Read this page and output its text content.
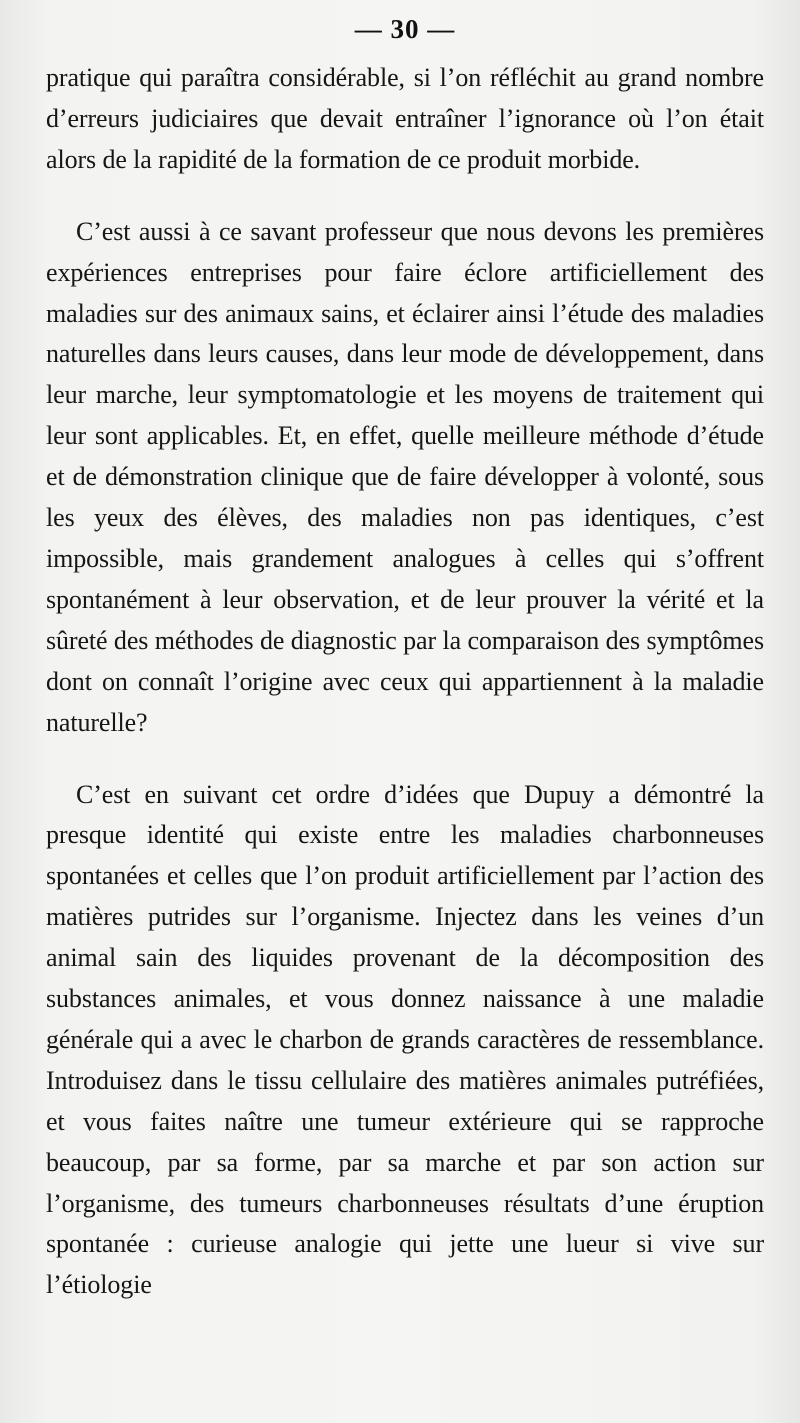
— 30 —

pratique qui paraîtra considérable, si l’on réfléchit au grand nombre d’erreurs judiciaires que devait entraîner l’ignorance où l’on était alors de la rapidité de la formation de ce produit morbide.

C’est aussi à ce savant professeur que nous devons les premières expériences entreprises pour faire éclore artificiellement des maladies sur des animaux sains, et éclairer ainsi l’étude des maladies naturelles dans leurs causes, dans leur mode de développement, dans leur marche, leur symptomatologie et les moyens de traitement qui leur sont applicables. Et, en effet, quelle meilleure méthode d’étude et de démonstration clinique que de faire développer à volonté, sous les yeux des élèves, des maladies non pas identiques, c’est impossible, mais grandement analogues à celles qui s’offrent spontanément à leur observation, et de leur prouver la vérité et la sûreté des méthodes de diagnostic par la comparaison des symptômes dont on connaît l’origine avec ceux qui appartiennent à la maladie naturelle?

C’est en suivant cet ordre d’idées que Dupuy a démontré la presque identité qui existe entre les maladies charbonneuses spontanées et celles que l’on produit artificiellement par l’action des matières putrides sur l’organisme. Injectez dans les veines d’un animal sain des liquides provenant de la décomposition des substances animales, et vous donnez naissance à une maladie générale qui a avec le charbon de grands caractères de ressemblance. Introduisez dans le tissu cellulaire des matières animales putréfiées, et vous faites naître une tumeur extérieure qui se rapproche beaucoup, par sa forme, par sa marche et par son action sur l’organisme, des tumeurs charbonneuses résultats d’une éruption spontanée : curieuse analogie qui jette une lueur si vive sur l’étiologie
